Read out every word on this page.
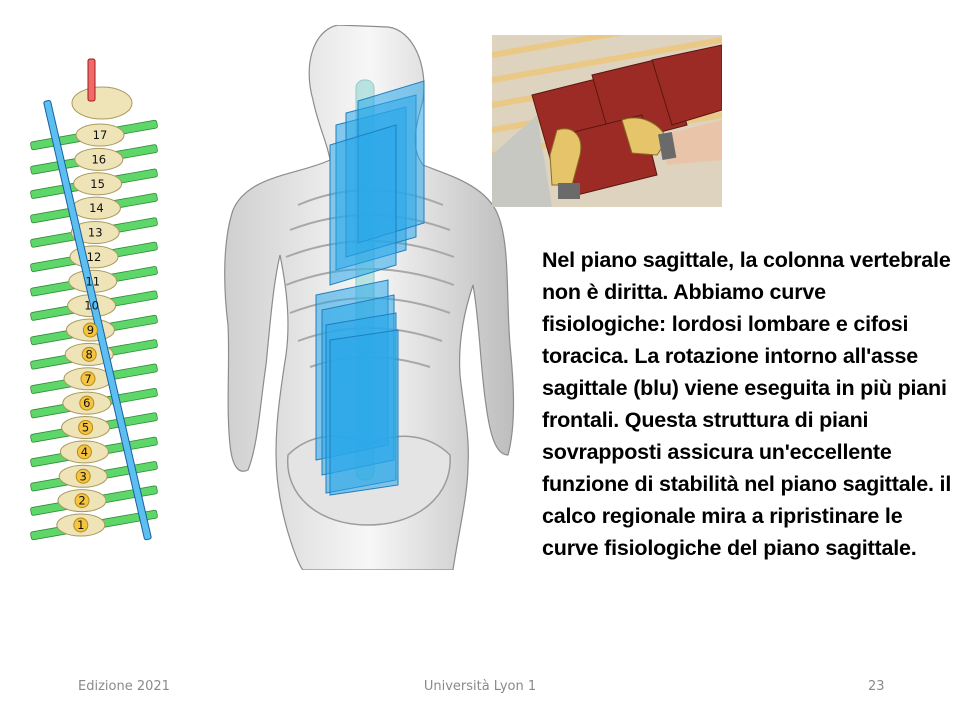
17
16
15
14
13
12
11
10
9
8
7
6
5
4
3
2
1
Nel piano sagittale, la colonna vertebrale non è diritta. Abbiamo curve fisiologiche: lordosi lombare e cifosi toracica. La rotazione intorno all'asse sagittale (blu) viene eseguita in più piani frontali. Questa struttura di piani sovrapposti assicura un'eccellente funzione di stabilità nel piano sagittale. il calco regionale mira a ripristinare le curve fisiologiche del piano sagittale.
Edizione 2021	Università Lyon 1	23
